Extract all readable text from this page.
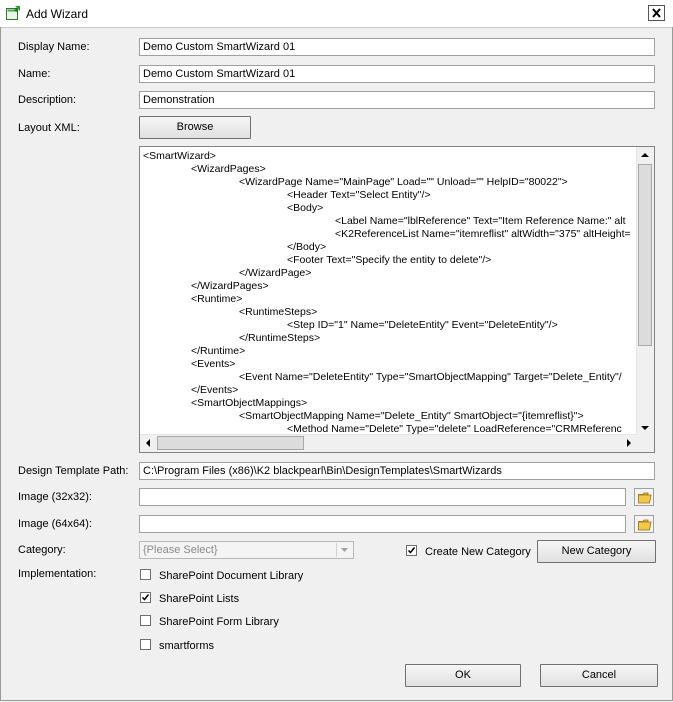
Add Wizard
Display Name:	Demo Custom SmartWizard 01
Name:	Demo Custom SmartWizard 01
Description:	Demonstration
Layout XML:	Browse
<SmartWizard>
<WizardPages>
<WizardPage Name="MainPage" Load="" Unload="" HelpID="80022">
<Header Text="Select Entity"/>
<Body>
<Label Name="lblReference" Text="Item Reference Name:" alt
<K2ReferenceList Name="itemreflist" altWidth="375" altHeight=
</Body>
<Footer Text="Specify the entity to delete"/>
</WizardPage>
</WizardPages>
<Runtime>
<RuntimeSteps>
<Step ID="1" Name="DeleteEntity" Event="DeleteEntity"/>
</RuntimeSteps>
</Runtime>
<Events>
<Event Name="DeleteEntity" Type="SmartObjectMapping" Target="Delete_Entity"/
</Events>
<SmartObjectMappings>
<SmartObjectMapping Name="Delete_Entity" SmartObject="{itemreflist}">
<Method Name="Delete" Type="delete" LoadReference="CRMReferenc
Design Template Path:	C:\Program Files (x86)\K2 blackpearl\Bin\DesignTemplates\SmartWizards
Image (32x32):
Image (64x64):
Category:	{Please Select}	Create New Category	New Category
Implementation:	SharePoint Document Library
SharePoint Lists
SharePoint Form Library
smartforms
OK	Cancel
